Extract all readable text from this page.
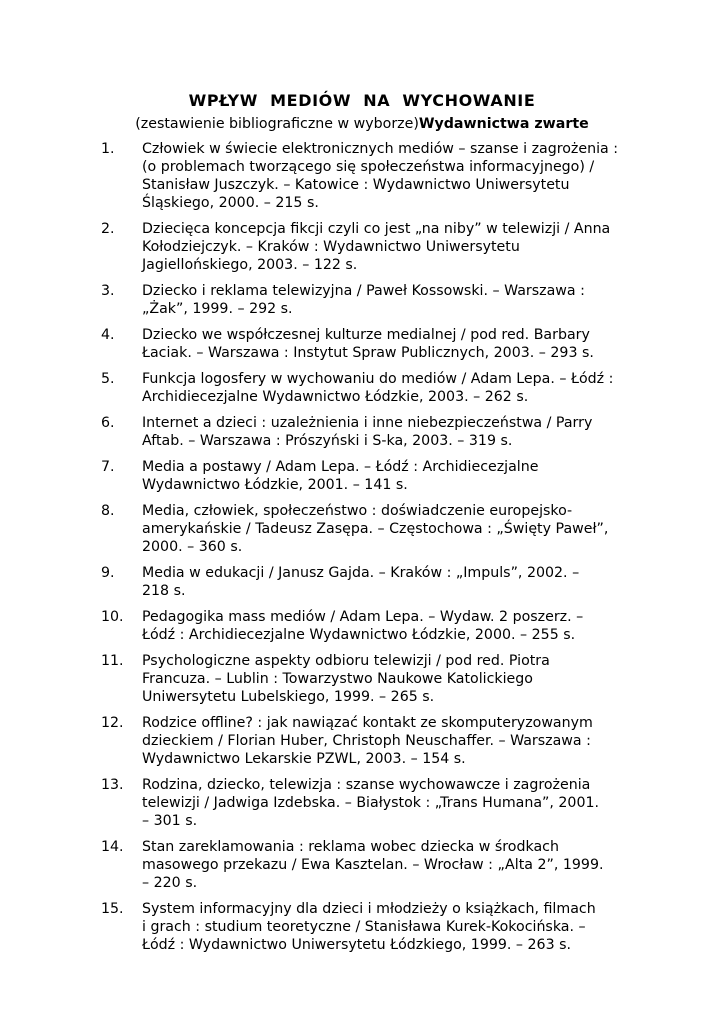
WPŁYW MEDIÓW NA WYCHOWANIE
(zestawienie bibliograficzne w wyborze)Wydawnictwa zwarte
1. Człowiek w świecie elektronicznych mediów – szanse i zagrożenia :
(o problemach tworzącego się społeczeństwa informacyjnego) /
Stanisław Juszczyk. – Katowice : Wydawnictwo Uniwersytetu
Śląskiego, 2000. – 215 s.
2. Dziecięca koncepcja fikcji czyli co jest „na niby” w telewizji / Anna
Kołodziejczyk. – Kraków : Wydawnictwo Uniwersytetu
Jagiellońskiego, 2003. – 122 s.
3. Dziecko i reklama telewizyjna / Paweł Kossowski. – Warszawa :
„Żak”, 1999. – 292 s.
4. Dziecko we współczesnej kulturze medialnej / pod red. Barbary
Łaciak. – Warszawa : Instytut Spraw Publicznych, 2003. – 293 s.
5. Funkcja logosfery w wychowaniu do mediów / Adam Lepa. – Łódź :
Archidiecezjalne Wydawnictwo Łódzkie, 2003. – 262 s.
6. Internet a dzieci : uzależnienia i inne niebezpieczeństwa / Parry
Aftab. – Warszawa : Prószyński i S-ka, 2003. – 319 s.
7. Media a postawy / Adam Lepa. – Łódź : Archidiecezjalne
Wydawnictwo Łódzkie, 2001. – 141 s.
8. Media, człowiek, społeczeństwo : doświadczenie europejsko-
amerykańskie / Tadeusz Zasępa. – Częstochowa : „Święty Paweł”,
2000. – 360 s.
9. Media w edukacji / Janusz Gajda. – Kraków : „Impuls”, 2002. –
218 s.
10. Pedagogika mass mediów / Adam Lepa. – Wydaw. 2 poszerz. –
Łódź : Archidiecezjalne Wydawnictwo Łódzkie, 2000. – 255 s.
11. Psychologiczne aspekty odbioru telewizji / pod red. Piotra
Francuza. – Lublin : Towarzystwo Naukowe Katolickiego
Uniwersytetu Lubelskiego, 1999. – 265 s.
12. Rodzice offline? : jak nawiązać kontakt ze skomputeryzowanym
dzieckiem / Florian Huber, Christoph Neuschaffer. – Warszawa :
Wydawnictwo Lekarskie PZWL, 2003. – 154 s.
13. Rodzina, dziecko, telewizja : szanse wychowawcze i zagrożenia
telewizji / Jadwiga Izdebska. – Białystok : „Trans Humana”, 2001.
– 301 s.
14. Stan zareklamowania : reklama wobec dziecka w środkach
masowego przekazu / Ewa Kasztelan. – Wrocław : „Alta 2”, 1999.
– 220 s.
15. System informacyjny dla dzieci i młodzieży o książkach, filmach
i grach : studium teoretyczne / Stanisława Kurek-Kokocińska. –
Łódź : Wydawnictwo Uniwersytetu Łódzkiego, 1999. – 263 s.
